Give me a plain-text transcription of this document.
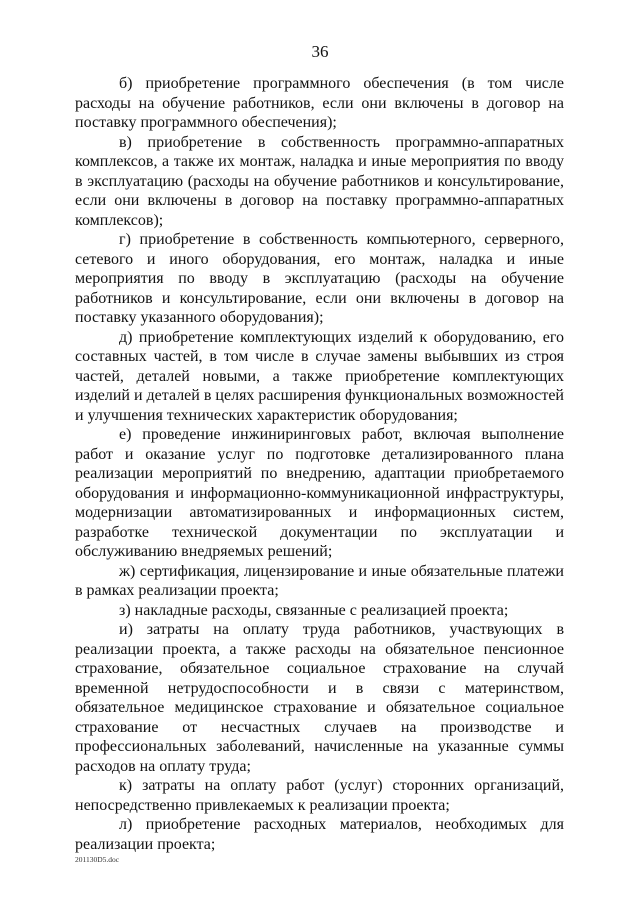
36

б) приобретение программного обеспечения (в том числе расходы на обучение работников, если они включены в договор на поставку программного обеспечения);

в) приобретение в собственность программно-аппаратных комплексов, а также их монтаж, наладка и иные мероприятия по вводу в эксплуатацию (расходы на обучение работников и консультирование, если они включены в договор на поставку программно-аппаратных комплексов);

г) приобретение в собственность компьютерного, серверного, сетевого и иного оборудования, его монтаж, наладка и иные мероприятия по вводу в эксплуатацию (расходы на обучение работников и консультирование, если они включены в договор на поставку указанного оборудования);

д) приобретение комплектующих изделий к оборудованию, его составных частей, в том числе в случае замены выбывших из строя частей, деталей новыми, а также приобретение комплектующих изделий и деталей в целях расширения функциональных возможностей и улучшения технических характеристик оборудования;

е) проведение инжиниринговых работ, включая выполнение работ и оказание услуг по подготовке детализированного плана реализации мероприятий по внедрению, адаптации приобретаемого оборудования и информационно-коммуникационной инфраструктуры, модернизации автоматизированных и информационных систем, разработке технической документации по эксплуатации и обслуживанию внедряемых решений;

ж) сертификация, лицензирование и иные обязательные платежи в рамках реализации проекта;

з) накладные расходы, связанные с реализацией проекта;

и) затраты на оплату труда работников, участвующих в реализации проекта, а также расходы на обязательное пенсионное страхование, обязательное социальное страхование на случай временной нетрудоспособности и в связи с материнством, обязательное медицинское страхование и обязательное социальное страхование от несчастных случаев на производстве и профессиональных заболеваний, начисленные на указанные суммы расходов на оплату труда;

к) затраты на оплату работ (услуг) сторонних организаций, непосредственно привлекаемых к реализации проекта;

л) приобретение расходных материалов, необходимых для реализации проекта;

201130D5.doc
